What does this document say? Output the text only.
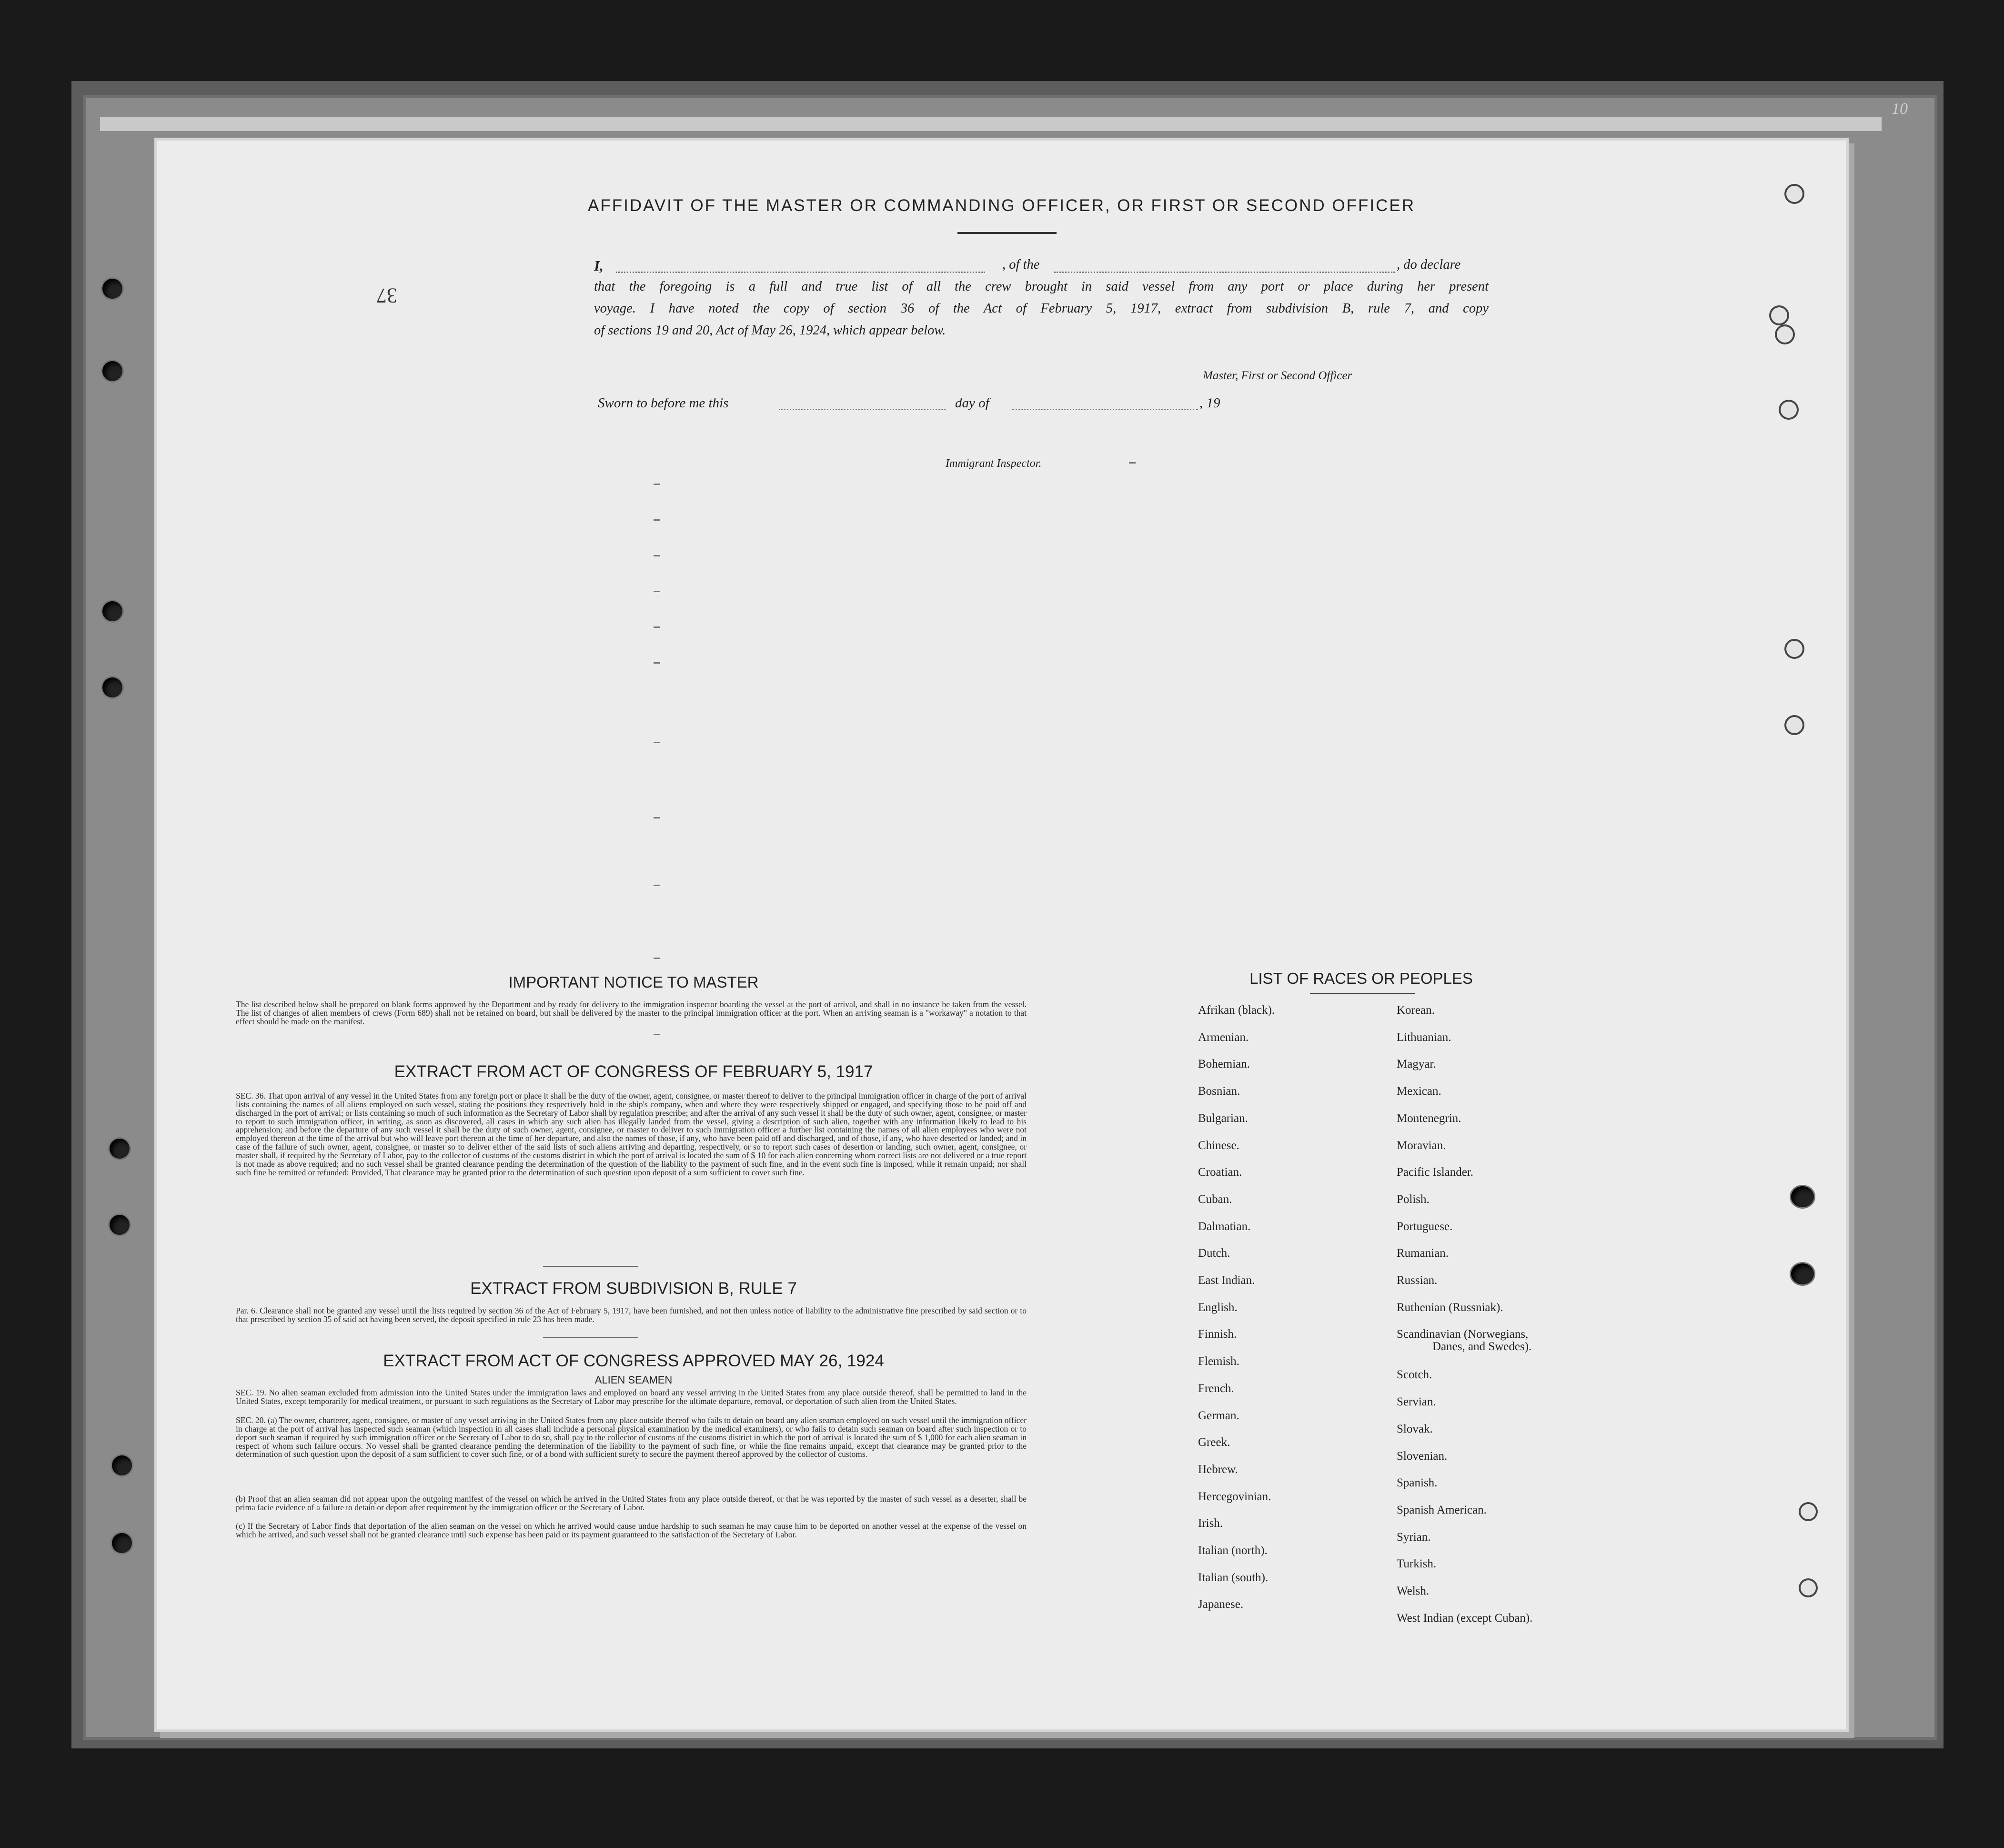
10
37
AFFIDAVIT OF THE MASTER OR COMMANDING OFFICER, OR FIRST OR SECOND OFFICER
I,	, of the	, do declare
that the foregoing is a full and true list of all the crew brought in said vessel from any port or place during her present
voyage. I have noted the copy of section 36 of the Act of February 5, 1917, extract from subdivision B, rule 7, and copy
of sections 19 and 20, Act of May 26, 1924, which appear below.
Master, First or Second Officer
Sworn to before me this	day of	, 19
Immigrant Inspector.
IMPORTANT NOTICE TO MASTER
The list described below shall be prepared on blank forms approved by the Department and by ready for delivery to the immigration inspector boarding the vessel at the port of arrival, and shall in no instance be taken from the vessel. The list of changes of alien members of crews (Form 689) shall not be retained on board, but shall be delivered by the master to the principal immigration officer at the port. When an arriving seaman is a "workaway" a notation to that effect should be made on the manifest.
EXTRACT FROM ACT OF CONGRESS OF FEBRUARY 5, 1917
SEC. 36. That upon arrival of any vessel in the United States from any foreign port or place it shall be the duty of the owner, agent, consignee, or master thereof to deliver to the principal immigration officer in charge of the port of arrival lists containing the names of all aliens employed on such vessel, stating the positions they respectively hold in the ship's company, when and where they were respectively shipped or engaged, and specifying those to be paid off and discharged in the port of arrival; or lists containing so much of such information as the Secretary of Labor shall by regulation prescribe; and after the arrival of any such vessel it shall be the duty of such owner, agent, consignee, or master to report to such immigration officer, in writing, as soon as discovered, all cases in which any such alien has illegally landed from the vessel, giving a description of such alien, together with any information likely to lead to his apprehension; and before the departure of any such vessel it shall be the duty of such owner, agent, consignee, or master to deliver to such immigration officer a further list containing the names of all alien employees who were not employed thereon at the time of the arrival but who will leave port thereon at the time of her departure, and also the names of those, if any, who have been paid off and discharged, and of those, if any, who have deserted or landed; and in case of the failure of such owner, agent, consignee, or master so to deliver either of the said lists of such aliens arriving and departing, respectively, or so to report such cases of desertion or landing, such owner, agent, consignee, or master shall, if required by the Secretary of Labor, pay to the collector of customs of the customs district in which the port of arrival is located the sum of $ 10 for each alien concerning whom correct lists are not delivered or a true report is not made as above required; and no such vessel shall be granted clearance pending the determination of the question of the liability to the payment of such fine, and in the event such fine is imposed, while it remain unpaid; nor shall such fine be remitted or refunded: Provided, That clearance may be granted prior to the determination of such question upon deposit of a sum sufficient to cover such fine.
EXTRACT FROM SUBDIVISION B, RULE 7
Par. 6. Clearance shall not be granted any vessel until the lists required by section 36 of the Act of February 5, 1917, have been furnished, and not then unless notice of liability to the administrative fine prescribed by said section or to that prescribed by section 35 of said act having been served, the deposit specified in rule 23 has been made.
EXTRACT FROM ACT OF CONGRESS APPROVED MAY 26, 1924
ALIEN SEAMEN
SEC. 19. No alien seaman excluded from admission into the United States under the immigration laws and employed on board any vessel arriving in the United States from any place outside thereof, shall be permitted to land in the United States, except temporarily for medical treatment, or pursuant to such regulations as the Secretary of Labor may prescribe for the ultimate departure, removal, or deportation of such alien from the United States.
SEC. 20. (a) The owner, charterer, agent, consignee, or master of any vessel arriving in the United States from any place outside thereof who fails to detain on board any alien seaman employed on such vessel until the immigration officer in charge at the port of arrival has inspected such seaman (which inspection in all cases shall include a personal physical examination by the medical examiners), or who fails to detain such seaman on board after such inspection or to deport such seaman if required by such immigration officer or the Secretary of Labor to do so, shall pay to the collector of customs of the customs district in which the port of arrival is located the sum of $ 1,000 for each alien seaman in respect of whom such failure occurs. No vessel shall be granted clearance pending the determination of the liability to the payment of such fine, or while the fine remains unpaid, except that clearance may be granted prior to the determination of such question upon the deposit of a sum sufficient to cover such fine, or of a bond with sufficient surety to secure the payment thereof approved by the collector of customs.
(b) Proof that an alien seaman did not appear upon the outgoing manifest of the vessel on which he arrived in the United States from any place outside thereof, or that he was reported by the master of such vessel as a deserter, shall be prima facie evidence of a failure to detain or deport after requirement by the immigration officer or the Secretary of Labor.
(c) If the Secretary of Labor finds that deportation of the alien seaman on the vessel on which he arrived would cause undue hardship to such seaman he may cause him to be deported on another vessel at the expense of the vessel on which he arrived, and such vessel shall not be granted clearance until such expense has been paid or its payment guaranteed to the satisfaction of the Secretary of Labor.
LIST OF RACES OR PEOPLES
Afrikan (black).
Armenian.
Bohemian.
Bosnian.
Bulgarian.
Chinese.
Croatian.
Cuban.
Dalmatian.
Dutch.
East Indian.
English.
Finnish.
Flemish.
French.
German.
Greek.
Hebrew.
Hercegovinian.
Irish.
Italian (north).
Italian (south).
Japanese.
Korean.
Lithuanian.
Magyar.
Mexican.
Montenegrin.
Moravian.
Pacific Islander.
Polish.
Portuguese.
Rumanian.
Russian.
Ruthenian (Russniak).
Scandinavian (Norwegians,
Danes, and Swedes).
Scotch.
Servian.
Slovak.
Slovenian.
Spanish.
Spanish American.
Syrian.
Turkish.
Welsh.
West Indian (except Cuban).
